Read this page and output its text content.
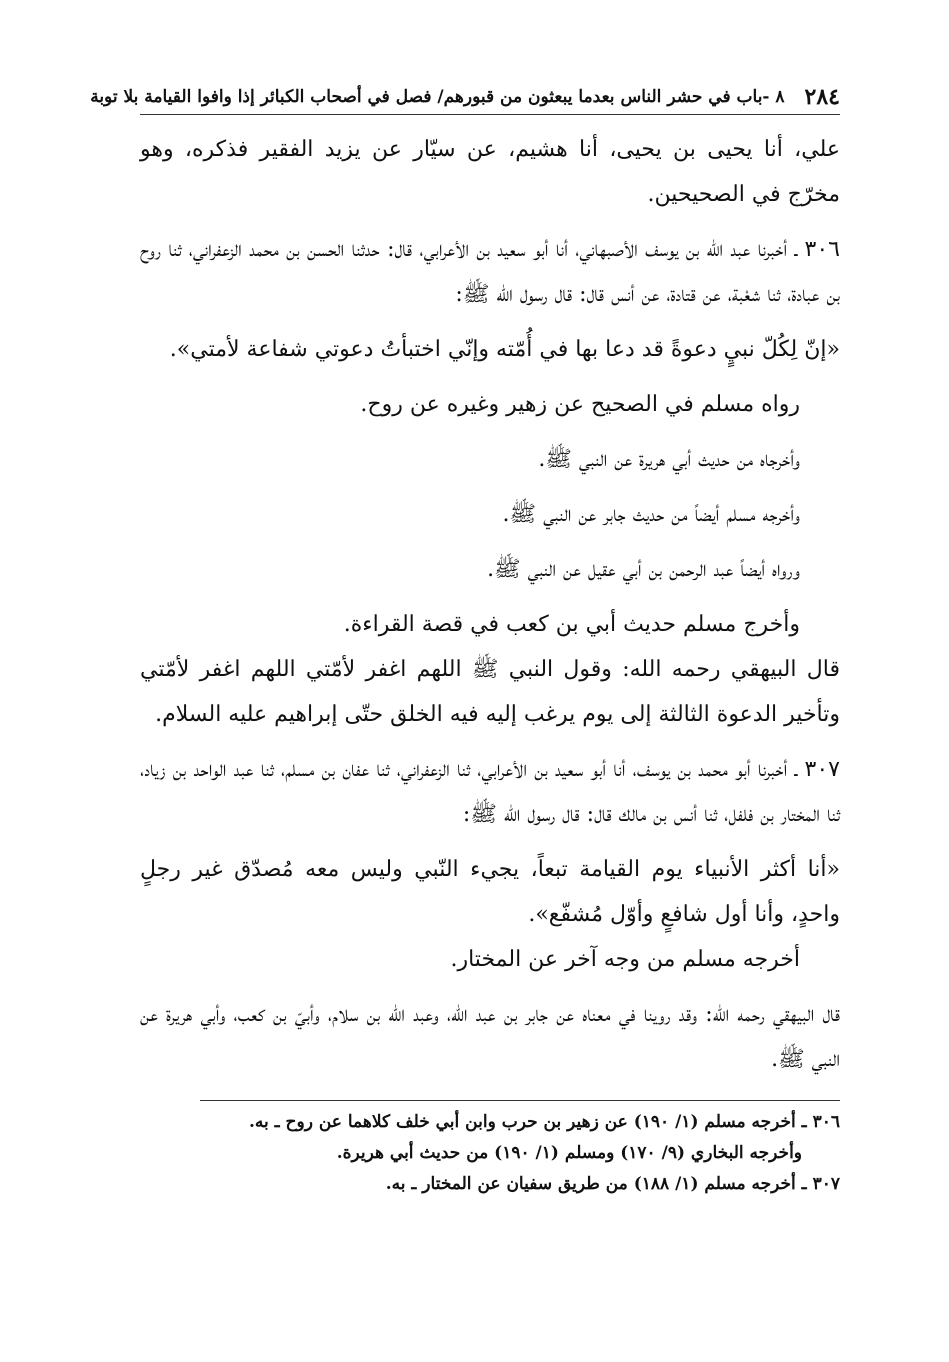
٢٨٤
٨ -باب في حشر الناس بعدما يبعثون من قبورهم/ فصل في أصحاب الكبائر إذا وافوا القيامة بلا توبة

علي، أنا يحيى بن يحيى، أنا هشيم، عن سيّار عن يزيد الفقير فذكره، وهو مخرّج في الصحيحين.

٣٠٦ ـ أخبرنا عبد الله بن يوسف الأصبهاني، أنا أبو سعيد بن الأعرابي، قال: حدثنا الحسن بن محمد الزعفراني، ثنا روح بن عبادة، ثنا شعْبة، عن قتادة، عن أنس قال: قال رسول الله ﷺ:

«إنّ لِكُلّ نبيٍ دعوةً قد دعا بها في أُمّته وإنّي اختبأتُ دعوتي شفاعة لأمتي».

رواه مسلم في الصحيح عن زهير وغيره عن روح.

وأخرجاه من حديث أبي هريرة عن النبي ﷺ.

وأخرجه مسلم أيضاً من حديث جابر عن النبي ﷺ.

ورواه أيضاً عبد الرحمن بن أبي عقيل عن النبي ﷺ.

وأخرج مسلم حديث أبي بن كعب في قصة القراءة.

قال البيهقي رحمه الله: وقول النبي ﷺ اللهم اغفر لأمّتي اللهم اغفر لأمّتي وتأخير الدعوة الثالثة إلى يوم يرغب إليه فيه الخلق حتّى إبراهيم عليه السلام.

٣٠٧ ـ أخبرنا أبو محمد بن يوسف، أنا أبو سعيد بن الأعرابي، ثنا الزعفراني، ثنا عفان بن مسلم، ثنا عبد الواحد بن زياد، ثنا المختار بن فلفل، ثنا أنس بن مالك قال: قال رسول الله ﷺ:

«أنا أكثر الأنبياء يوم القيامة تبعاً، يجيء النّبي وليس معه مُصدّق غير رجلٍ واحدٍ، وأنا أول شافعٍ وأوّل مُشفّع».

أخرجه مسلم من وجه آخر عن المختار.

قال البيهقي رحمه الله: وقد روينا في معناه عن جابر بن عبد الله، وعبد الله بن سلام، وأبيّ بن كعب، وأبي هريرة عن النبي ﷺ.

٣٠٦ ـ أخرجه مسلم (١/ ١٩٠) عن زهير بن حرب وابن أبي خلف كلاهما عن روح ـ به.

وأخرجه البخاري (٩/ ١٧٠) ومسلم (١/ ١٩٠) من حديث أبي هريرة.

٣٠٧ ـ أخرجه مسلم (١/ ١٨٨) من طريق سفيان عن المختار ـ به.
